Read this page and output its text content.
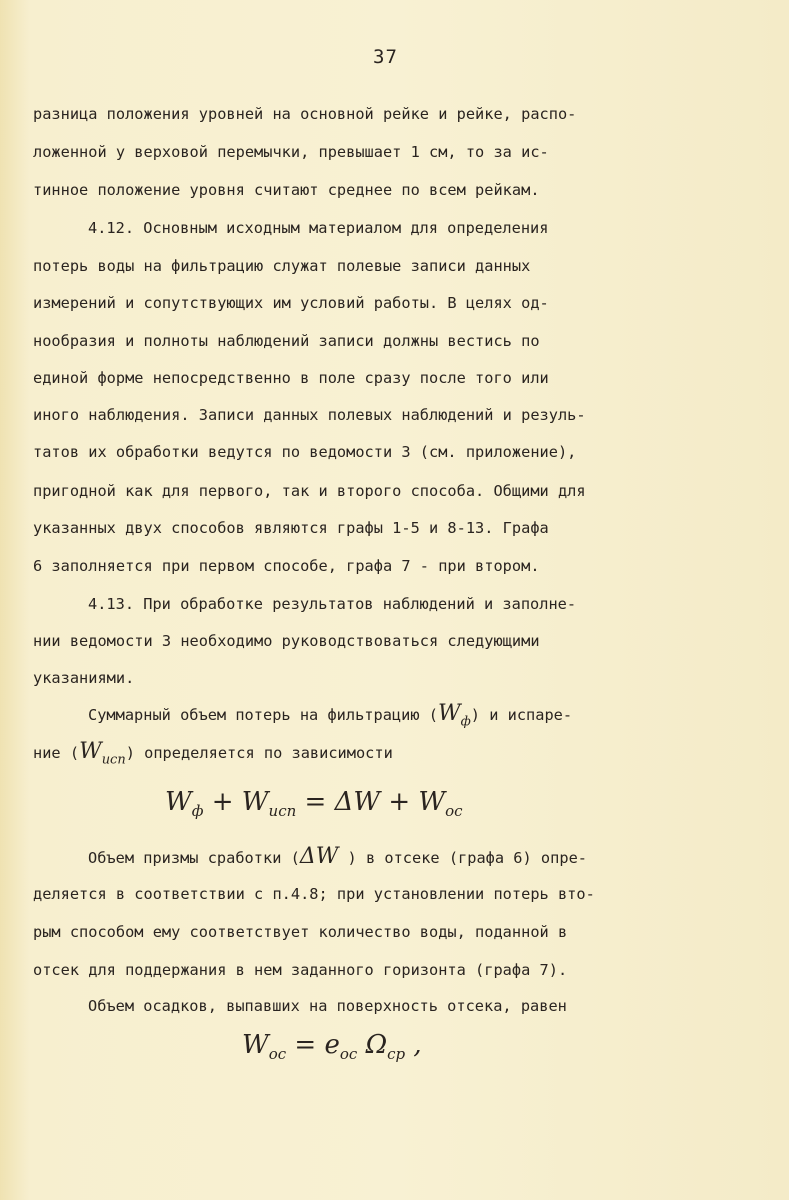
37
разница положения уровней на основной рейке и рейке, распо-
ложенной у верховой перемычки, превышает 1 см, то за ис-
тинное положение уровня считают среднее по всем рейкам.
4.12. Основным исходным материалом для определения
потерь воды на фильтрацию служат полевые записи данных
измерений и сопутствующих им условий работы. В целях од-
нообразия и полноты наблюдений записи должны вестись по
единой форме непосредственно в поле сразу после того или
иного наблюдения. Записи данных полевых наблюдений и резуль-
татов их обработки ведутся по ведомости 3 (см. приложение),
пригодной как для первого, так и второго способа. Общими для
указанных двух способов являются графы 1-5 и 8-13. Графа
6 заполняется при первом способе, графа 7 - при втором.
4.13. При обработке результатов наблюдений и заполне-
нии ведомости 3 необходимо руководствоваться следующими
указаниями.
Суммарный объем потерь на фильтрацию $(W_ф)$ и испаре-
ние $(W_{исп})$ определяется по зависимости
$W_ф + W_{исп} = \Delta W + W_{ос}$
Объем призмы сработки (ΔW ) в отсеке (графа 6) опре-
деляется в соответствии с п.4.8; при установлении потерь вто-
рым способом ему соответствует количество воды, поданной в
отсек для поддержания в нем заданного горизонта (графа 7).
Объем осадков, выпавших на поверхность отсека, равен
$W_{ос} = e_{ос}$ $\Omega_{ср}$ ,
